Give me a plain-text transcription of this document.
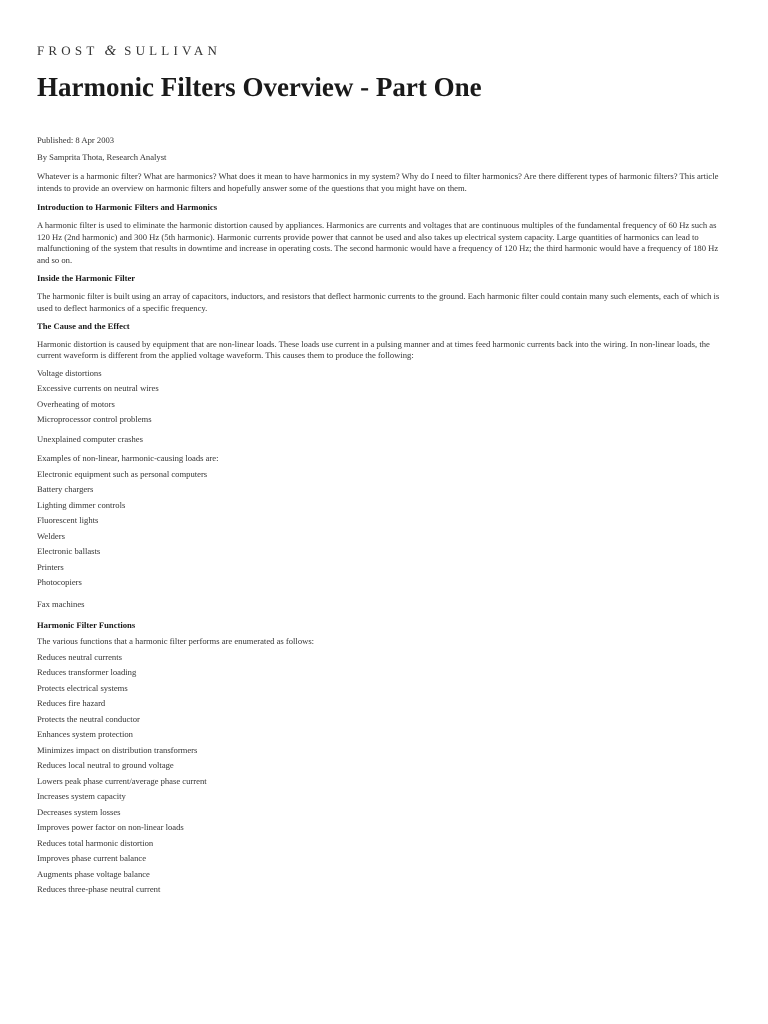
FROST & SULLIVAN
Harmonic Filters Overview - Part One

Published: 8 Apr 2003

By Samprita Thota, Research Analyst

Whatever is a harmonic filter? What are harmonics? What does it mean to have harmonics in my system? Why do I need to filter harmonics? Are there different types of harmonic filters? This article intends to provide an overview on harmonic filters and hopefully answer some of the questions that you might have on them.

Introduction to Harmonic Filters and Harmonics

A harmonic filter is used to eliminate the harmonic distortion caused by appliances. Harmonics are currents and voltages that are continuous multiples of the fundamental frequency of 60 Hz such as 120 Hz (2nd harmonic) and 300 Hz (5th harmonic). Harmonic currents provide power that cannot be used and also takes up electrical system capacity. Large quantities of harmonics can lead to malfunctioning of the system that results in downtime and increase in operating costs. The second harmonic would have a frequency of 120 Hz; the third harmonic would have a frequency of 180 Hz and so on.

Inside the Harmonic Filter

The harmonic filter is built using an array of capacitors, inductors, and resistors that deflect harmonic currents to the ground. Each harmonic filter could contain many such elements, each of which is used to deflect harmonics of a specific frequency.

The Cause and the Effect

Harmonic distortion is caused by equipment that are non-linear loads. These loads use current in a pulsing manner and at times feed harmonic currents back into the wiring. In non-linear loads, the current waveform is different from the applied voltage waveform. This causes them to produce the following:

Voltage distortions
Excessive currents on neutral wires
Overheating of motors
Microprocessor control problems
Unexplained computer crashes
Examples of non-linear, harmonic-causing loads are:
Electronic equipment such as personal computers
Battery chargers
Lighting dimmer controls
Fluorescent lights
Welders
Electronic ballasts
Printers
Photocopiers
Fax machines
Harmonic Filter Functions
The various functions that a harmonic filter performs are enumerated as follows:
Reduces neutral currents
Reduces transformer loading
Protects electrical systems
Reduces fire hazard
Protects the neutral conductor
Enhances system protection
Minimizes impact on distribution transformers
Reduces local neutral to ground voltage
Lowers peak phase current/average phase current
Increases system capacity
Decreases system losses
Improves power factor on non-linear loads
Reduces total harmonic distortion
Improves phase current balance
Augments phase voltage balance
Reduces three-phase neutral current
